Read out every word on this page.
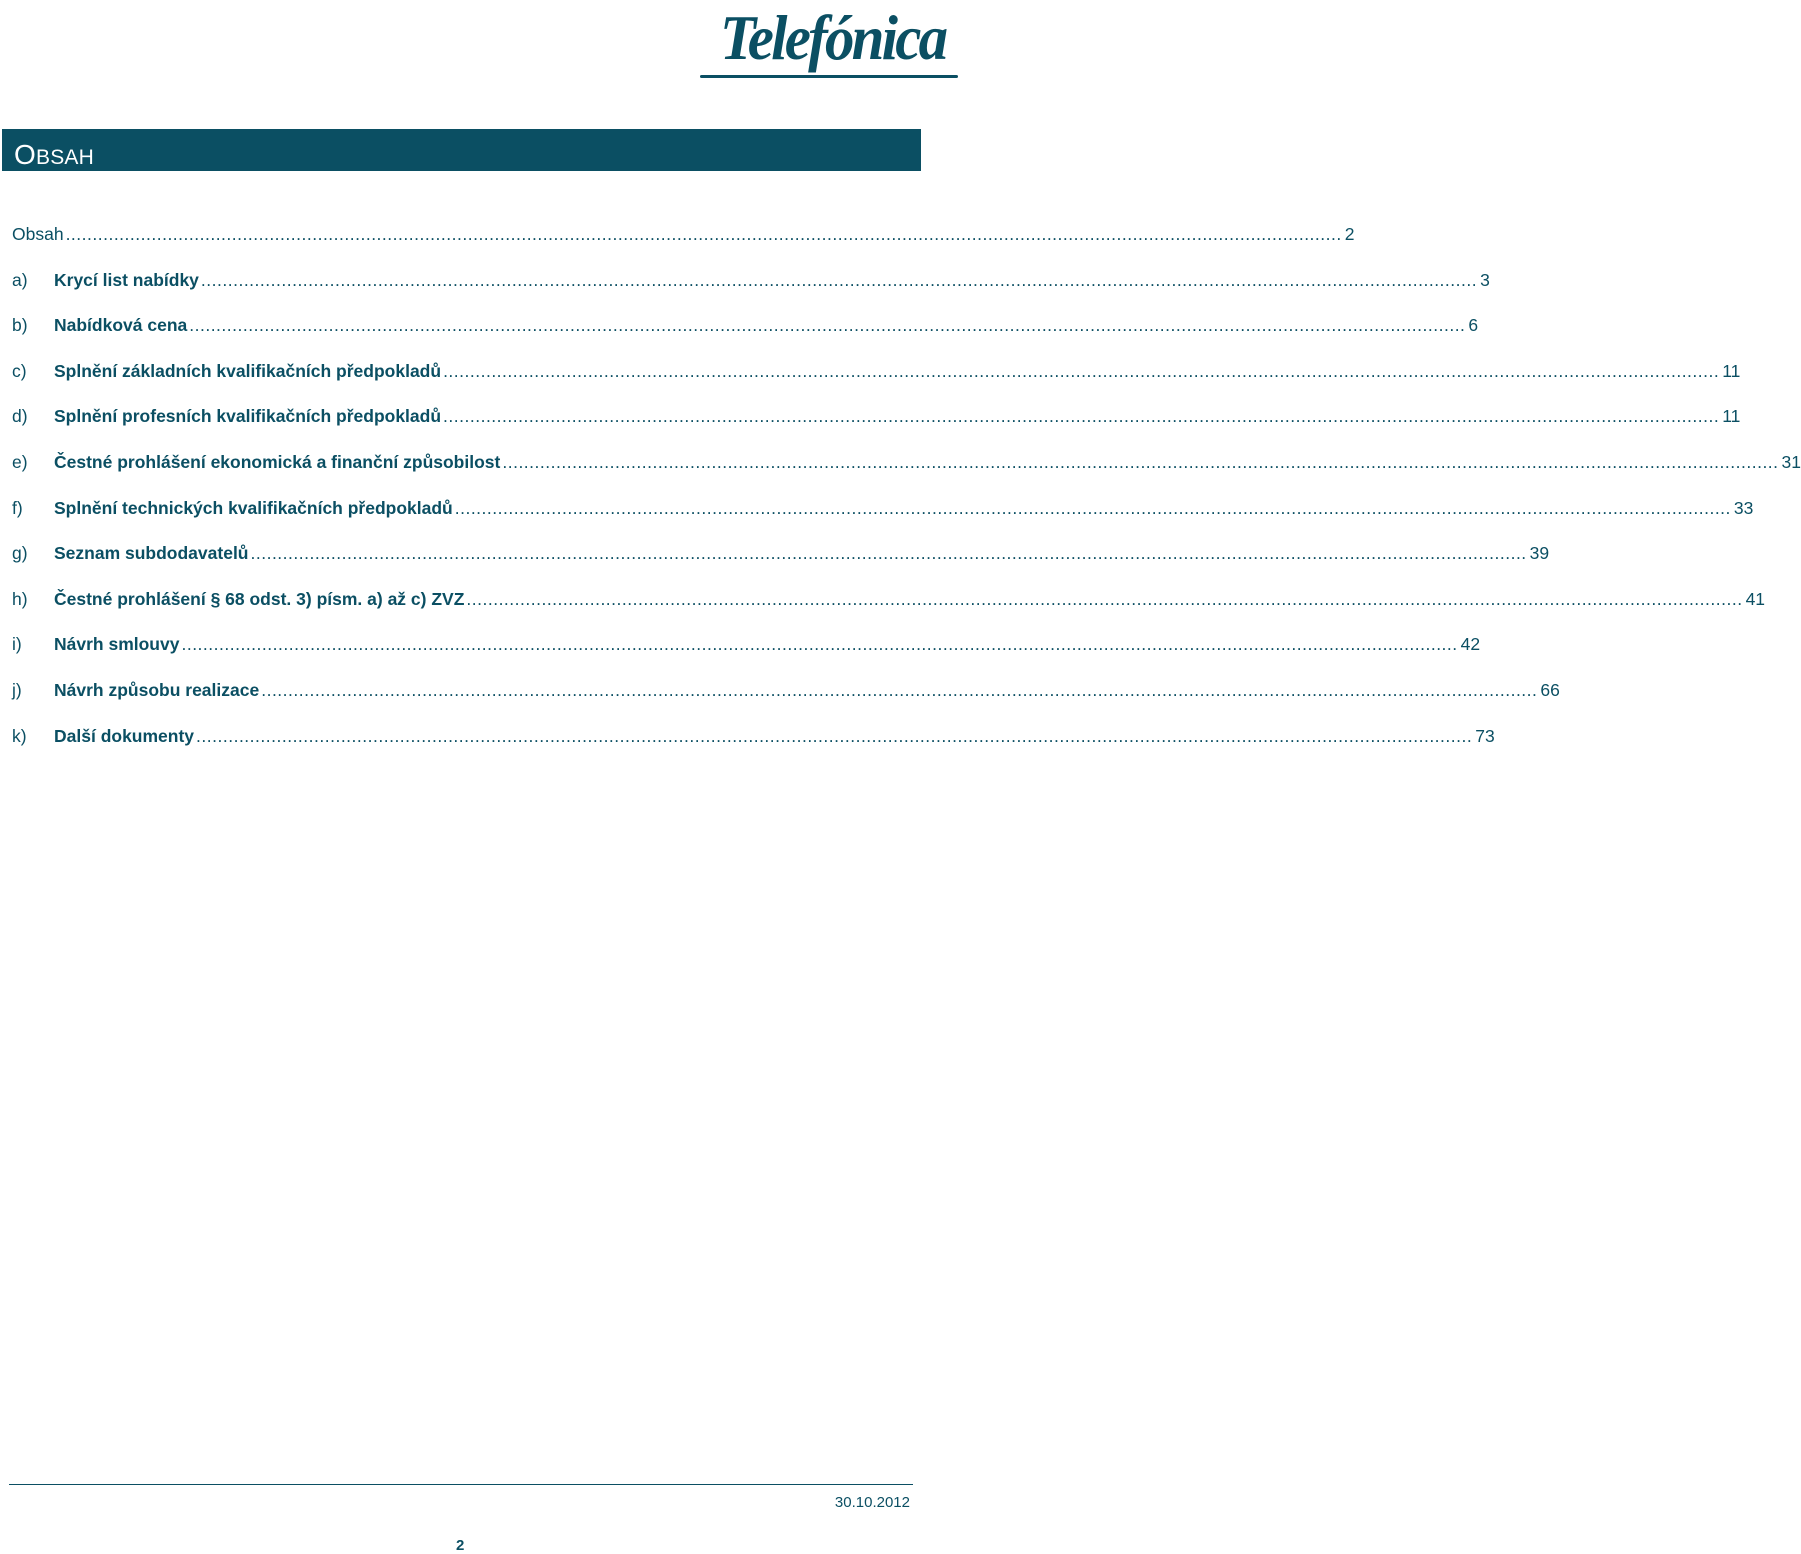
Telefónica
OBSAH
Obsah .....	2
a)	Krycí list nabídky .....	3
b)	Nabídková cena .....	6
c)	Splnění základních kvalifikačních předpokladů .....	11
d)	Splnění profesních kvalifikačních předpokladů .....	11
e)	Čestné prohlášení ekonomická a finanční způsobilost .....	31
f)	Splnění technických kvalifikačních předpokladů .....	33
g)	Seznam subdodavatelů .....	39
h)	Čestné prohlášení § 68 odst. 3) písm. a) až c) ZVZ .....	41
i)	Návrh smlouvy .....	42
j)	Návrh způsobu realizace .....	66
k)	Další dokumenty .....	73
30.10.2012
2
